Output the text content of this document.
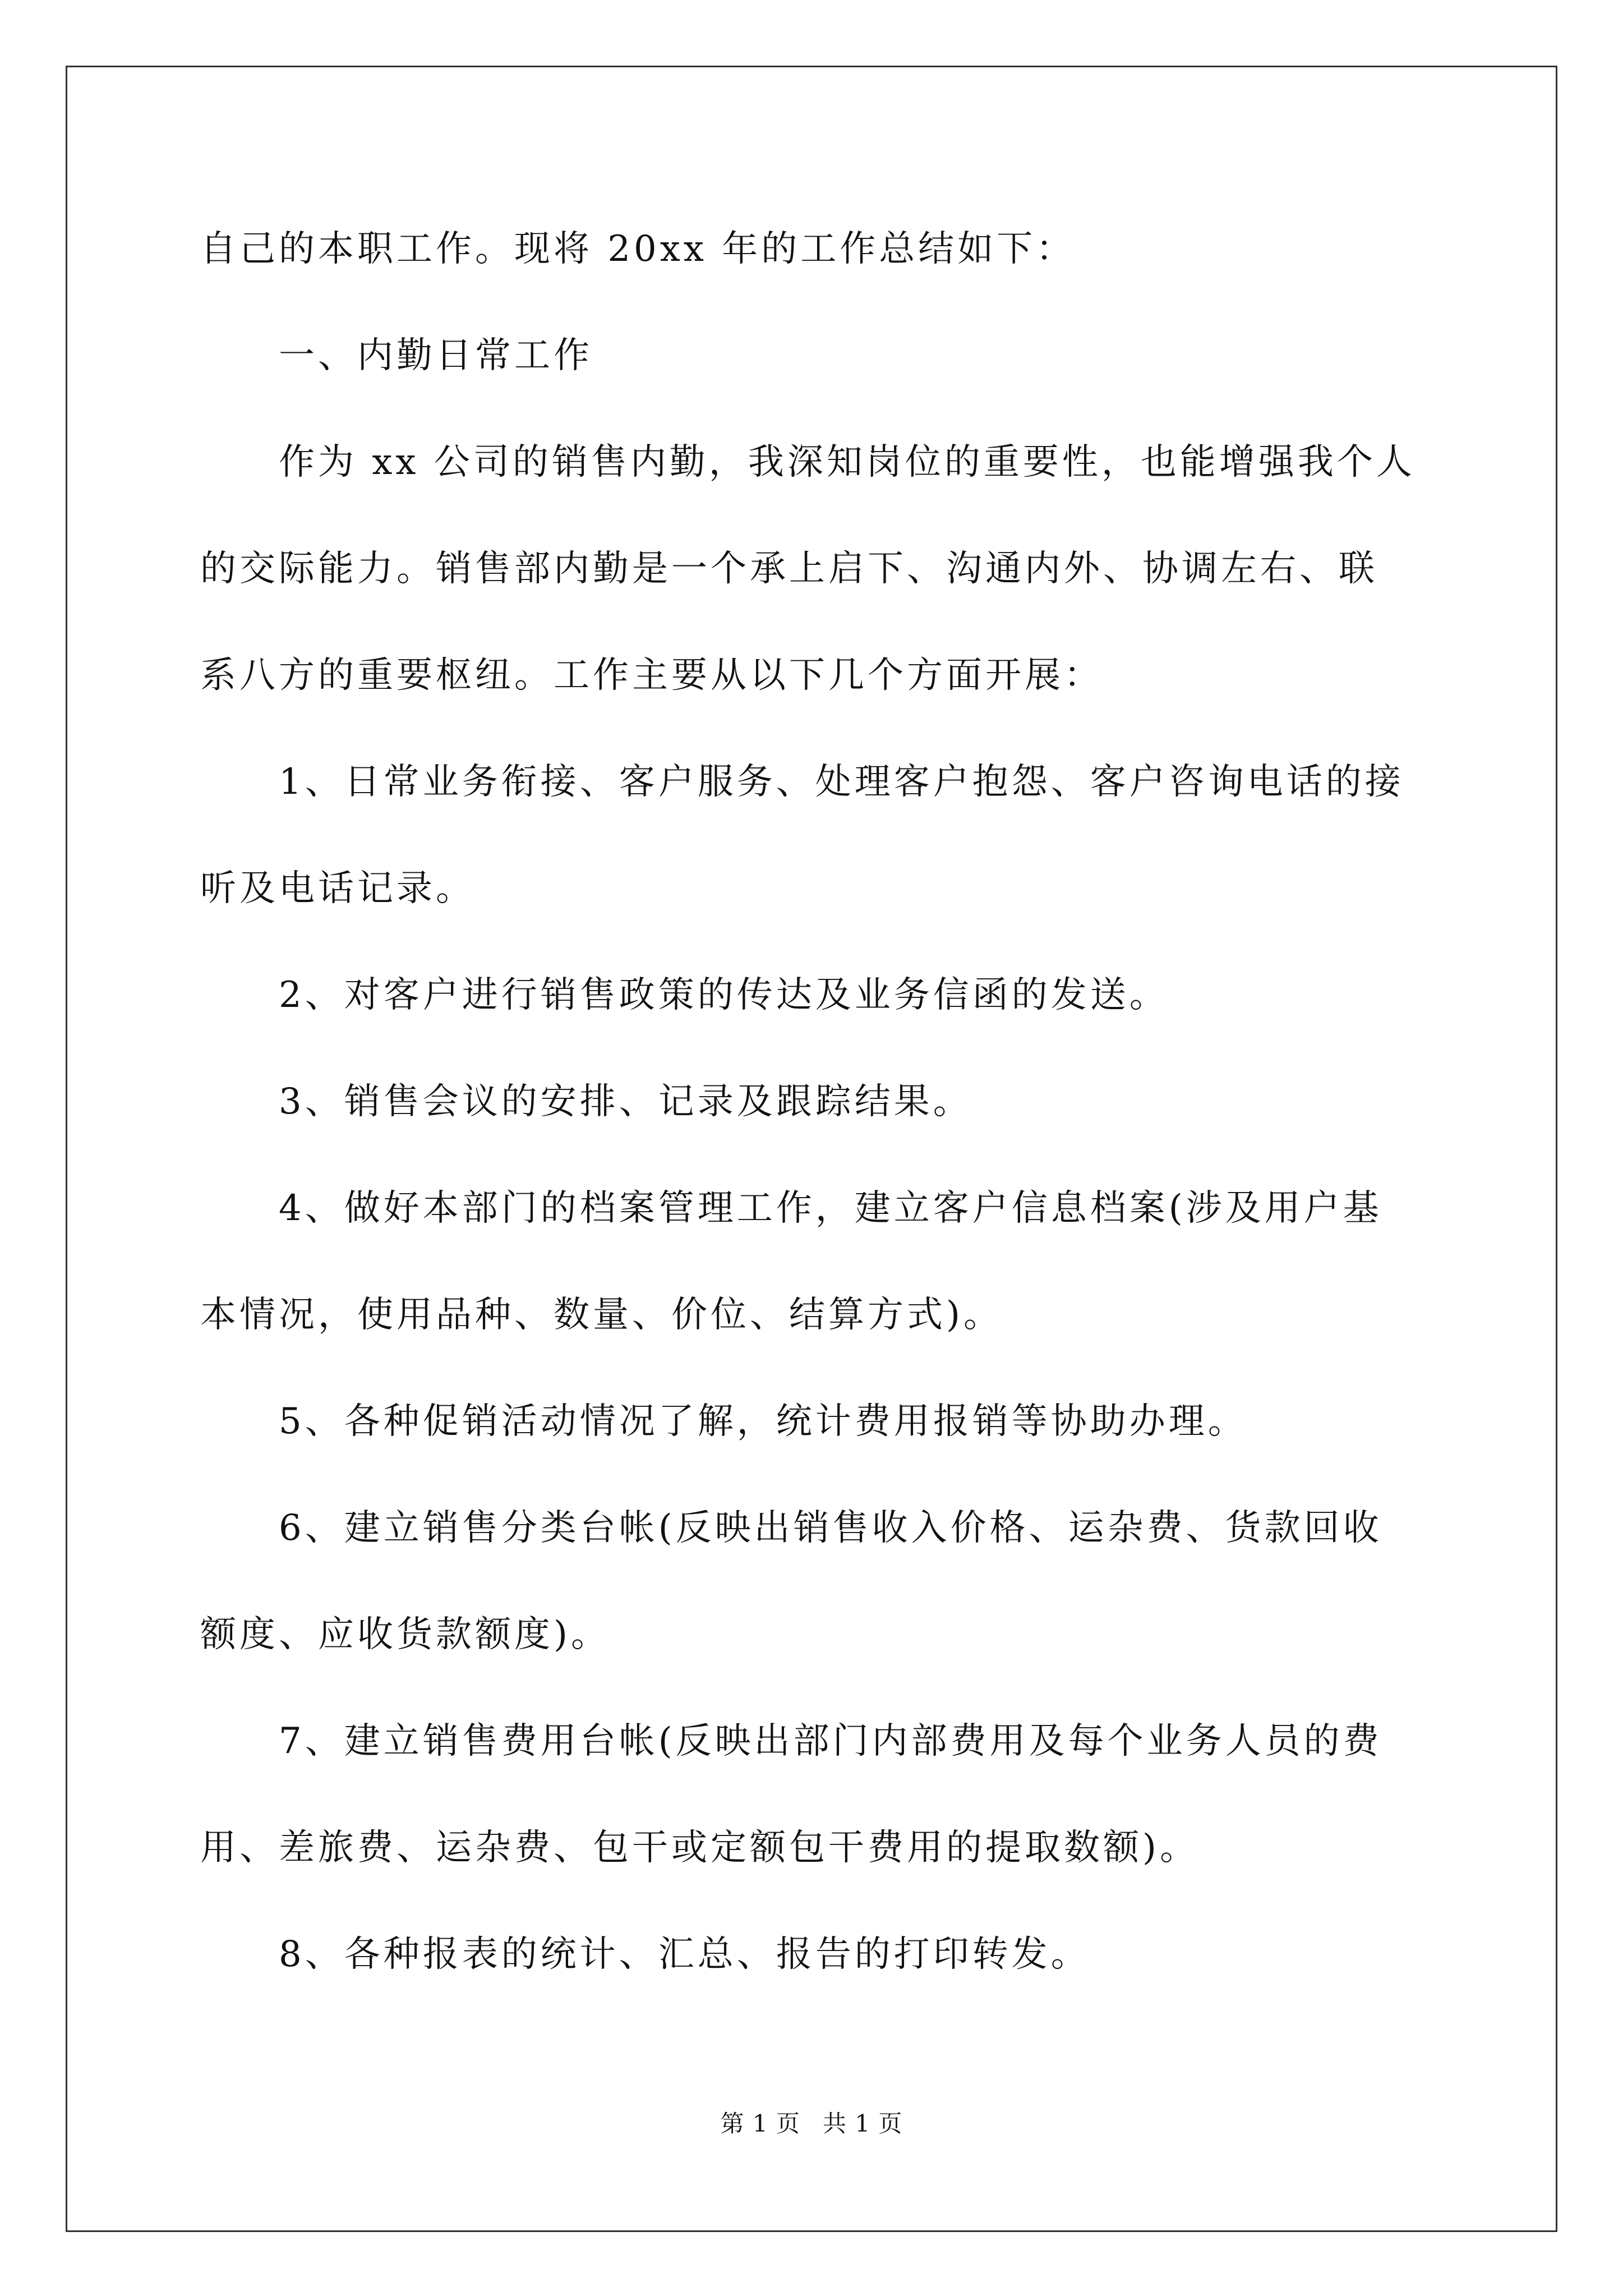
自己的本职工作。现将 20xx 年的工作总结如下：
一、内勤日常工作
作为 xx 公司的销售内勤，我深知岗位的重要性，也能增强我个人
的交际能力。销售部内勤是一个承上启下、沟通内外、协调左右、联
系八方的重要枢纽。工作主要从以下几个方面开展：
1、日常业务衔接、客户服务、处理客户抱怨、客户咨询电话的接
听及电话记录。
2、对客户进行销售政策的传达及业务信函的发送。
3、销售会议的安排、记录及跟踪结果。
4、做好本部门的档案管理工作，建立客户信息档案(涉及用户基
本情况，使用品种、数量、价位、结算方式)。
5、各种促销活动情况了解，统计费用报销等协助办理。
6、建立销售分类台帐(反映出销售收入价格、运杂费、货款回收
额度、应收货款额度)。
7、建立销售费用台帐(反映出部门内部费用及每个业务人员的费
用、差旅费、运杂费、包干或定额包干费用的提取数额)。
8、各种报表的统计、汇总、报告的打印转发。
第 1 页 共 1 页
